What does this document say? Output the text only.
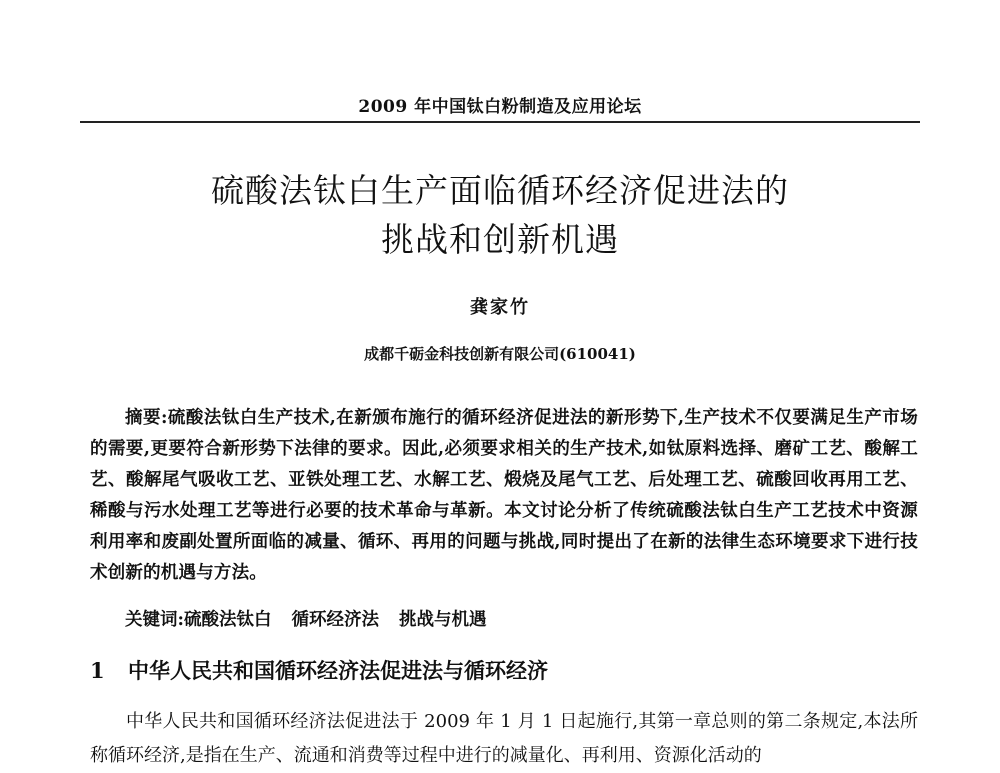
2009 年中国钛白粉制造及应用论坛
硫酸法钛白生产面临循环经济促进法的
挑战和创新机遇
龚家竹
成都千砺金科技创新有限公司(610041)
摘要:硫酸法钛白生产技术,在新颁布施行的循环经济促进法的新形势下,生产技术不仅要满足生产市场的需要,更要符合新形势下法律的要求。因此,必须要求相关的生产技术,如钛原料选择、磨矿工艺、酸解工艺、酸解尾气吸收工艺、亚铁处理工艺、水解工艺、煅烧及尾气工艺、后处理工艺、硫酸回收再用工艺、稀酸与污水处理工艺等进行必要的技术革命与革新。本文讨论分析了传统硫酸法钛白生产工艺技术中资源利用率和废副处置所面临的减量、循环、再用的问题与挑战,同时提出了在新的法律生态环境要求下进行技术创新的机遇与方法。
关键词:硫酸法钛白 循环经济法 挑战与机遇
1 中华人民共和国循环经济法促进法与循环经济
中华人民共和国循环经济法促进法于 2009 年 1 月 1 日起施行,其第一章总则的第二条规定,本法所称循环经济,是指在生产、流通和消费等过程中进行的减量化、再利用、资源化活动的
